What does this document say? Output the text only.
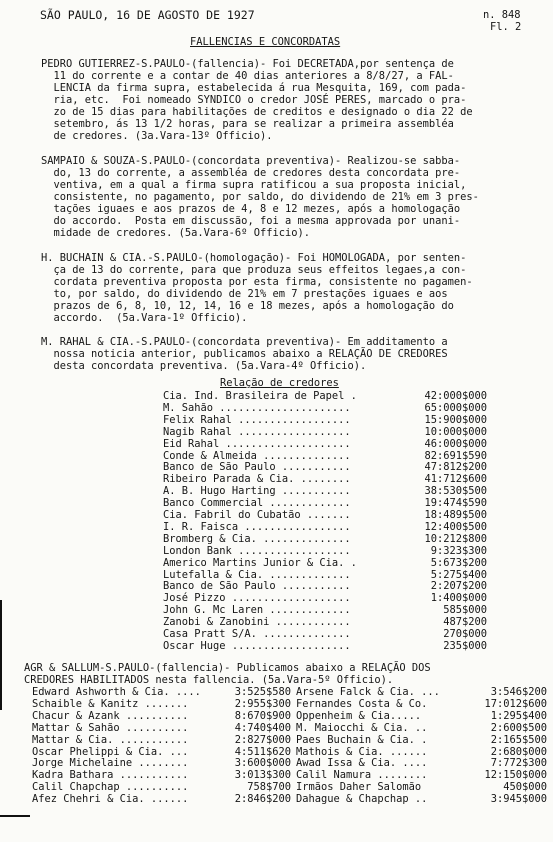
SÃO PAULO, 16 DE AGOSTO DE 1927	n. 848
Fl. 2
FALLENCIAS E CONCORDATAS
PEDRO GUTIERREZ-S.PAULO-(fallencia)- Foi DECRETADA,por sentença de
11 do corrente e a contar de 40 dias anteriores a 8/8/27, a FAL-
LENCIA da firma supra, estabelecida á rua Mesquita, 169, com pada-
ria, etc.  Foi nomeado SYNDICO o credor JOSÉ PERES, marcado o pra-
zo de 15 dias para habilitações de creditos e designado o dia 22 de
setembro, ás 13 1/2 horas, para se realizar a primeira assembléa
de credores. (3a.Vara-13º Officio).
SAMPAIO & SOUZA-S.PAULO-(concordata preventiva)- Realizou-se sabba-
do, 13 do corrente, a assembléa de credores desta concordata pre-
ventiva, em a qual a firma supra ratificou a sua proposta inicial,
consistente, no pagamento, por saldo, do dividendo de 21% em 3 pres-
tações iguaes e aos prazos de 4, 8 e 12 mezes, após a homologação
do accordo.  Posta em discussão, foi a mesma approvada por unani-
midade de credores. (5a.Vara-6º Officio).
H. BUCHAIN & CIA.-S.PAULO-(homologação)- Foi HOMOLOGADA, por senten-
ça de 13 do corrente, para que produza seus effeitos legaes,a con-
cordata preventiva proposta por esta firma, consistente no pagamen-
to, por saldo, do dividendo de 21% em 7 prestações iguaes e aos
prazos de 6, 8, 10, 12, 14, 16 e 18 mezes, após a homologação do
accordo.  (5a.Vara-1º Officio).
M. RAHAL & CIA.-S.PAULO-(concordata preventiva)- Em additamento a
nossa noticia anterior, publicamos abaixo a RELAÇÃO DE CREDORES
desta concordata preventiva. (5a.Vara-4º Officio).
Relação de credores
Cia. Ind. Brasileira de Papel .	42:000$000
M. Sahão .....................	65:000$000
Felix Rahal ..................	15:900$000
Nagib Rahal ..................	10:000$000
Eid Rahal ....................	46:000$000
Conde & Almeida ..............	82:691$590
Banco de São Paulo ...........	47:812$200
Ribeiro Parada & Cia. ........	41:712$600
A. B. Hugo Harting ...........	38:530$500
Banco Commercial .............	19:474$590
Cia. Fabril do Cubatão .......	18:489$500
I. R. Faisca .................	12:400$500
Bromberg & Cia. ..............	10:212$800
London Bank ..................	9:323$300
Americo Martins Junior & Cia. .	5:673$200
Lutefalla & Cia. .............	5:275$400
Banco de São Paulo ...........	2:207$200
José Pizzo ...................	1:400$000
John G. Mc Laren .............	585$000
Zanobi & Zanobini ............	487$200
Casa Pratt S/A. ..............	270$000
Oscar Huge ...................	235$000
AGR & SALLUM-S.PAULO-(fallencia)- Publicamos abaixo a RELAÇÃO DOS
CREDORES HABILITADOS nesta fallencia. (5a.Vara-5º Officio).
Edward Ashworth & Cia. ....	3:525$580
Schaible & Kanitz .......	2:955$300
Chacur & Azank ..........	8:670$900
Mattar & Sahão ..........	4:740$400
Mattar & Cia. ...........	2:827$000
Oscar Phelippi & Cia. ...	4:511$620
Jorge Michelaine ........	3:600$000
Kadra Bathara ...........	3:013$300
Calil Chapchap ..........	758$700
Afez Chehri & Cia. ......	2:846$200
Arsene Falck & Cia. ...	3:546$200
Fernandes Costa & Co.	17:012$600
Oppenheim & Cia.....	1:295$400
M. Maiocchi & Cia. ..	2:600$500
Paes Buchain & Cia. .	2:165$500
Mathois & Cia. ......	2:680$000
Awad Issa & Cia. ....	7:772$300
Calil Namura ........	12:150$000
Irmãos Daher Salomão	450$000
Dahague & Chapchap ..	3:945$000
